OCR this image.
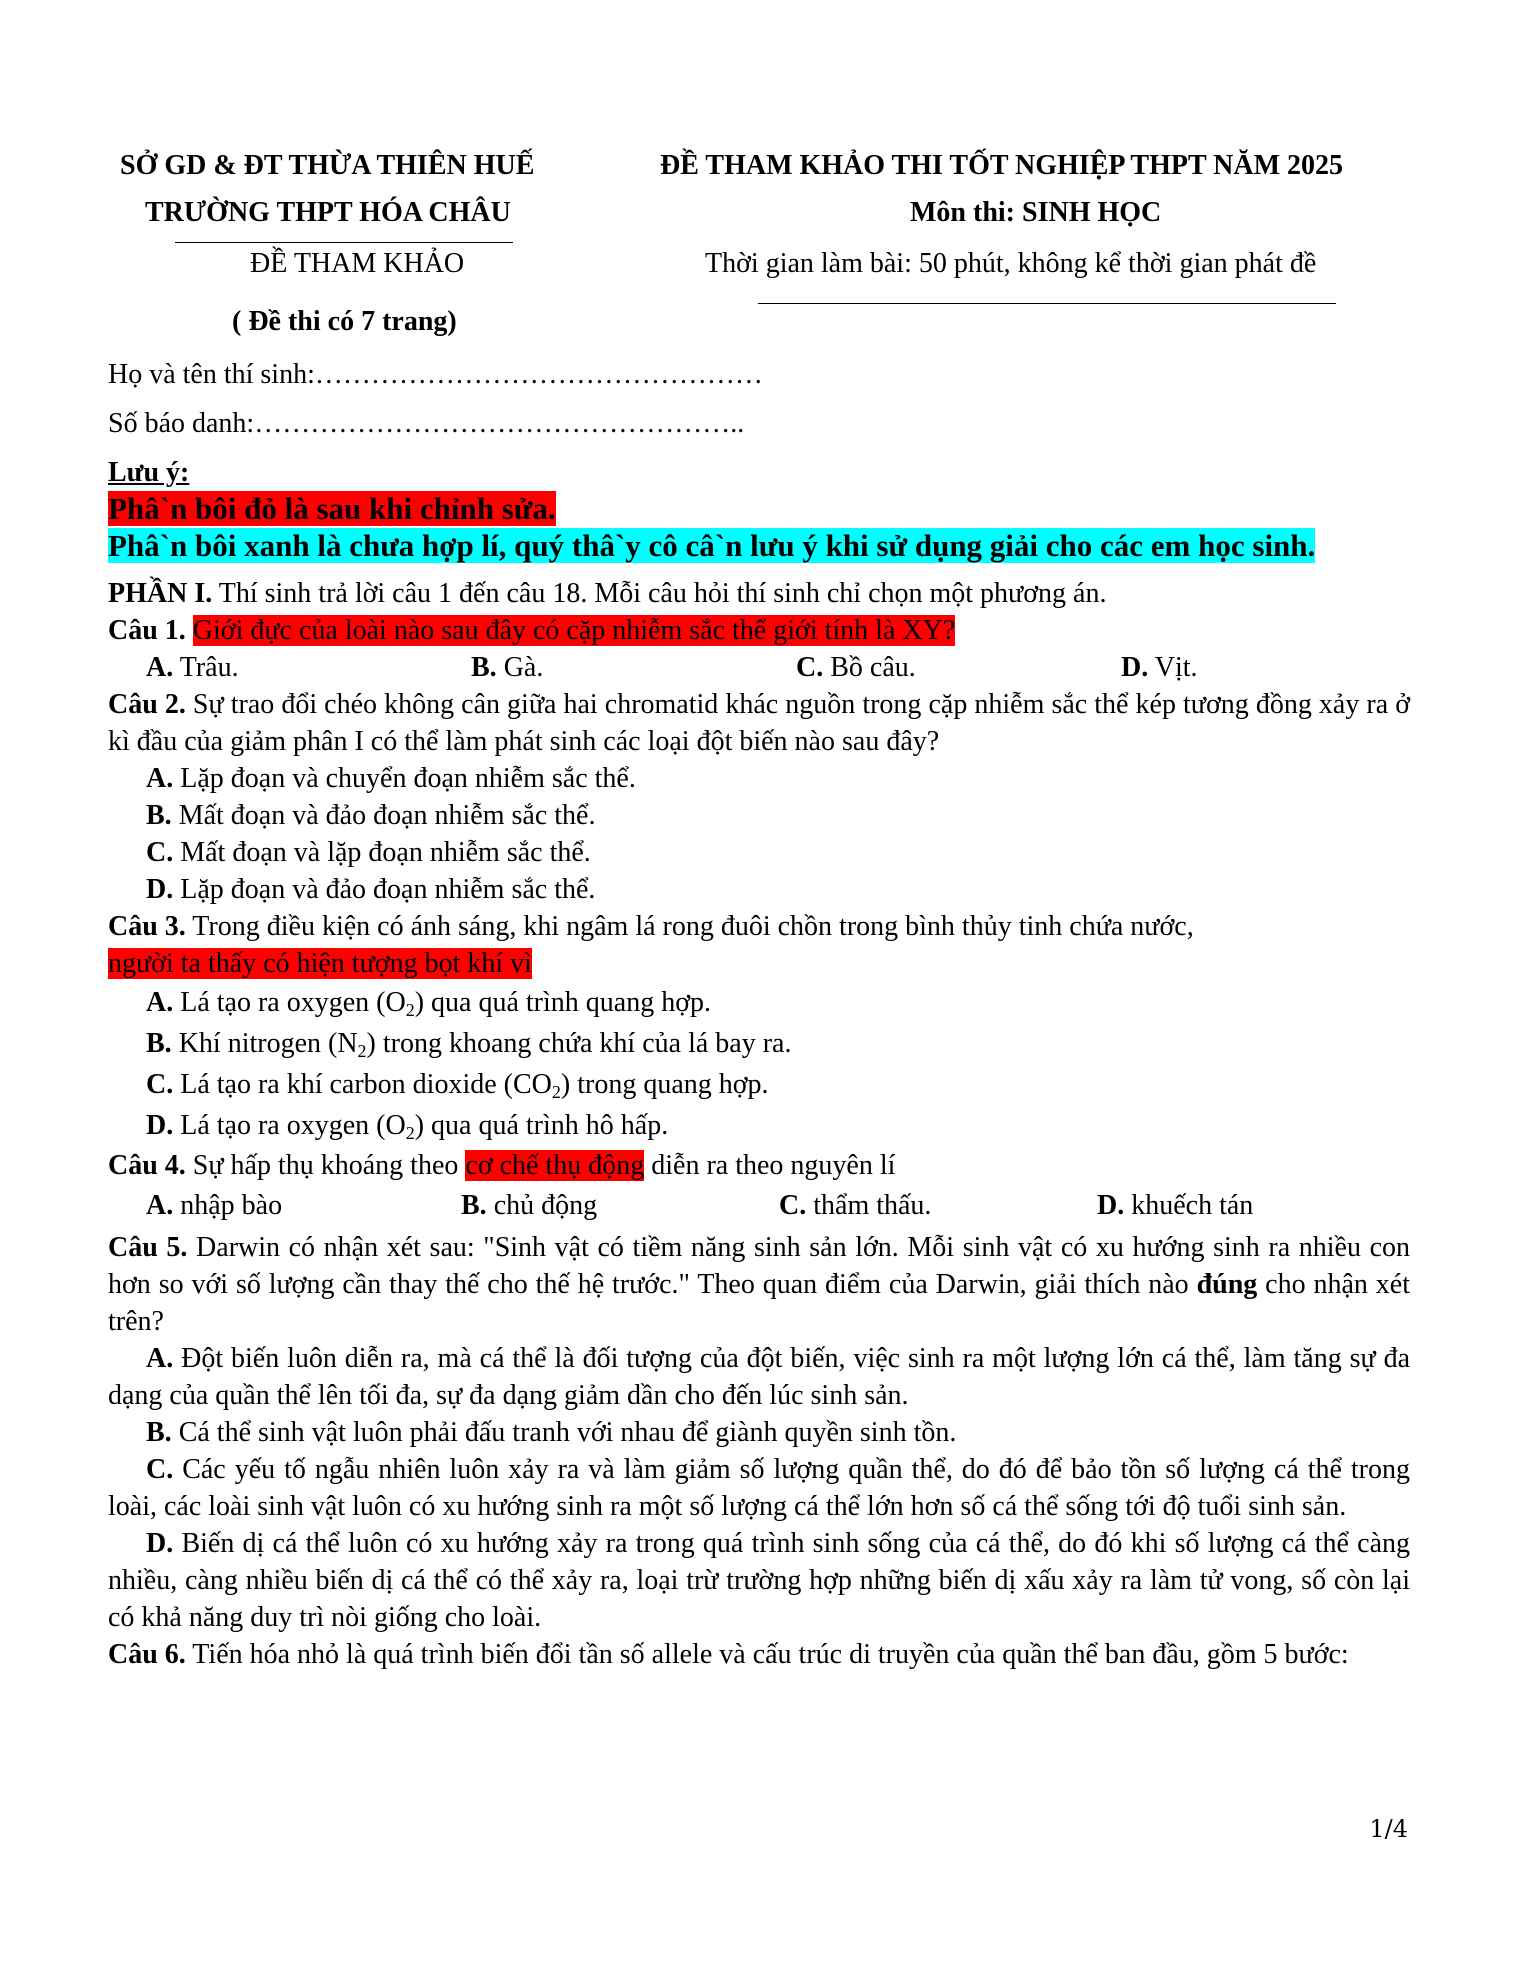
SỞ GD & ĐT THỪA THIÊN HUẾ
TRƯỜNG THPT HÓA CHÂU
ĐỀ THAM KHẢO
( Đề thi có 7 trang)
ĐỀ THAM KHẢO THI TỐT NGHIỆP THPT NĂM 2025
Môn thi: SINH HỌC
Thời gian làm bài: 50 phút, không kể thời gian phát đề

Họ và tên thí sinh:…………………………………………

Số báo danh:……………………………………………..

Lưu ý:

Phâ`n bôi đỏ là sau khi chỉnh sửa.

Phâ`n bôi xanh là chưa hợp lí, quý thâ`y cô câ`n lưu ý khi sử dụng giải cho các em học sinh.

PHẦN I. Thí sinh trả lời câu 1 đến câu 18. Mỗi câu hỏi thí sinh chỉ chọn một phương án.

Câu 1. Giới đực của loài nào sau đây có cặp nhiễm sắc thể giới tính là XY?

A. Trâu.	B. Gà.	C. Bồ câu.	D. Vịt.

Câu 2. Sự trao đổi chéo không cân giữa hai chromatid khác nguồn trong cặp nhiễm sắc thể kép tương đồng xảy ra ở kì đầu của giảm phân I có thể làm phát sinh các loại đột biến nào sau đây?

A. Lặp đoạn và chuyển đoạn nhiễm sắc thể.

B. Mất đoạn và đảo đoạn nhiễm sắc thể.

C. Mất đoạn và lặp đoạn nhiễm sắc thể.

D. Lặp đoạn và đảo đoạn nhiễm sắc thể.

Câu 3. Trong điều kiện có ánh sáng, khi ngâm lá rong đuôi chồn trong bình thủy tinh chứa nước,

người ta thấy có hiện tượng bọt khí vì

A. Lá tạo ra oxygen $(O_2)$ qua quá trình quang hợp.

B. Khí nitrogen $(N_2)$ trong khoang chứa khí của lá bay ra.

C. Lá tạo ra khí carbon dioxide $(CO_2)$ trong quang hợp.

D. Lá tạo ra oxygen $(O_2)$ qua quá trình hô hấp.

Câu 4. Sự hấp thụ khoáng theo cơ chế thụ động diễn ra theo nguyên lí

A. nhập bào	B. chủ động	C. thẩm thấu.	D. khuếch tán

Câu 5. Darwin có nhận xét sau: "Sinh vật có tiềm năng sinh sản lớn. Mỗi sinh vật có xu hướng sinh ra nhiều con hơn so với số lượng cần thay thế cho thế hệ trước." Theo quan điểm của Darwin, giải thích nào đúng cho nhận xét trên?

A. Đột biến luôn diễn ra, mà cá thể là đối tượng của đột biến, việc sinh ra một lượng lớn cá thể, làm tăng sự đa dạng của quần thể lên tối đa, sự đa dạng giảm dần cho đến lúc sinh sản.

B. Cá thể sinh vật luôn phải đấu tranh với nhau để giành quyền sinh tồn.

C. Các yếu tố ngẫu nhiên luôn xảy ra và làm giảm số lượng quần thể, do đó để bảo tồn số lượng cá thể trong loài, các loài sinh vật luôn có xu hướng sinh ra một số lượng cá thể lớn hơn số cá thể sống tới độ tuổi sinh sản.

D. Biến dị cá thể luôn có xu hướng xảy ra trong quá trình sinh sống của cá thể, do đó khi số lượng cá thể càng nhiều, càng nhiều biến dị cá thể có thể xảy ra, loại trừ trường hợp những biến dị xấu xảy ra làm tử vong, số còn lại có khả năng duy trì nòi giống cho loài.

Câu 6. Tiến hóa nhỏ là quá trình biến đổi tần số allele và cấu trúc di truyền của quần thể ban đầu, gồm 5 bước:

1/4
